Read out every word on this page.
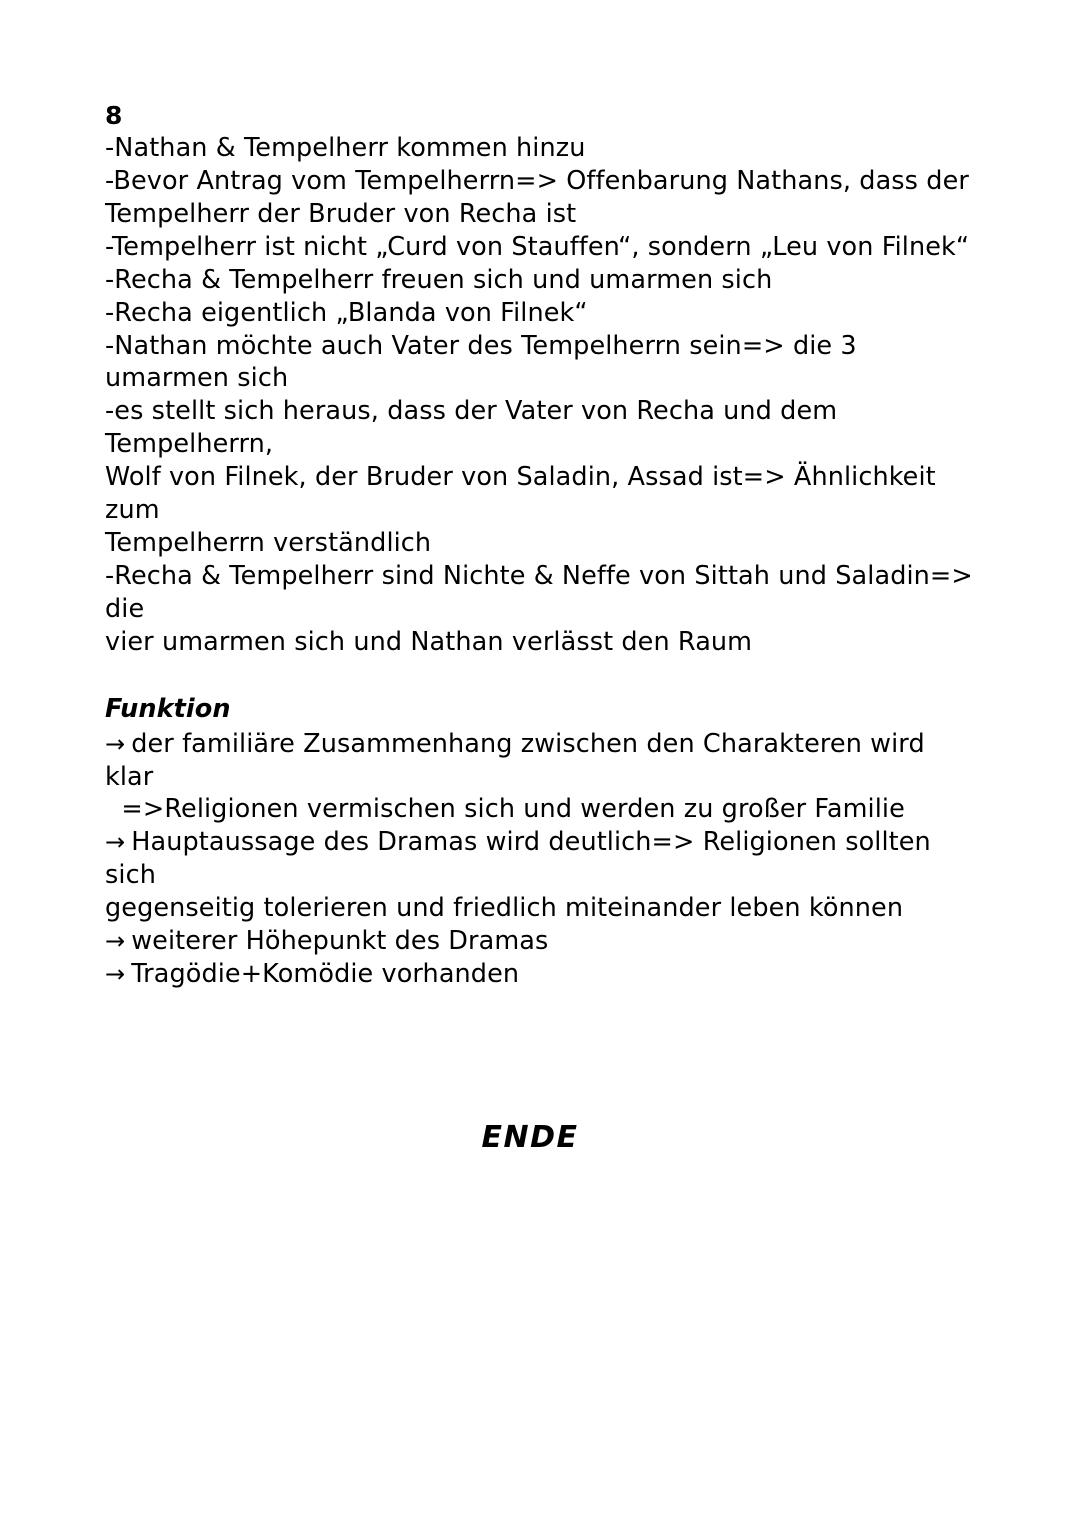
8
-Nathan & Tempelherr kommen hinzu
-Bevor Antrag vom Tempelherrn=> Offenbarung Nathans, dass der
Tempelherr der Bruder von Recha ist
-Tempelherr ist nicht „Curd von Stauffen“, sondern „Leu von Filnek“
-Recha & Tempelherr freuen sich und umarmen sich
-Recha eigentlich „Blanda von Filnek“
-Nathan möchte auch Vater des Tempelherrn sein=> die 3 umarmen sich
-es stellt sich heraus, dass der Vater von Recha und dem Tempelherrn,
Wolf von Filnek, der Bruder von Saladin, Assad ist=> Ähnlichkeit zum
Tempelherrn verständlich
-Recha & Tempelherr sind Nichte & Neffe von Sittah und Saladin=> die
vier umarmen sich und Nathan verlässt den Raum
Funktion
→ der familiäre Zusammenhang zwischen den Charakteren wird klar
=>Religionen vermischen sich und werden zu großer Familie
→ Hauptaussage des Dramas wird deutlich=> Religionen sollten sich
gegenseitig tolerieren und friedlich miteinander leben können
→ weiterer Höhepunkt des Dramas
→ Tragödie+Komödie vorhanden
ENDE
